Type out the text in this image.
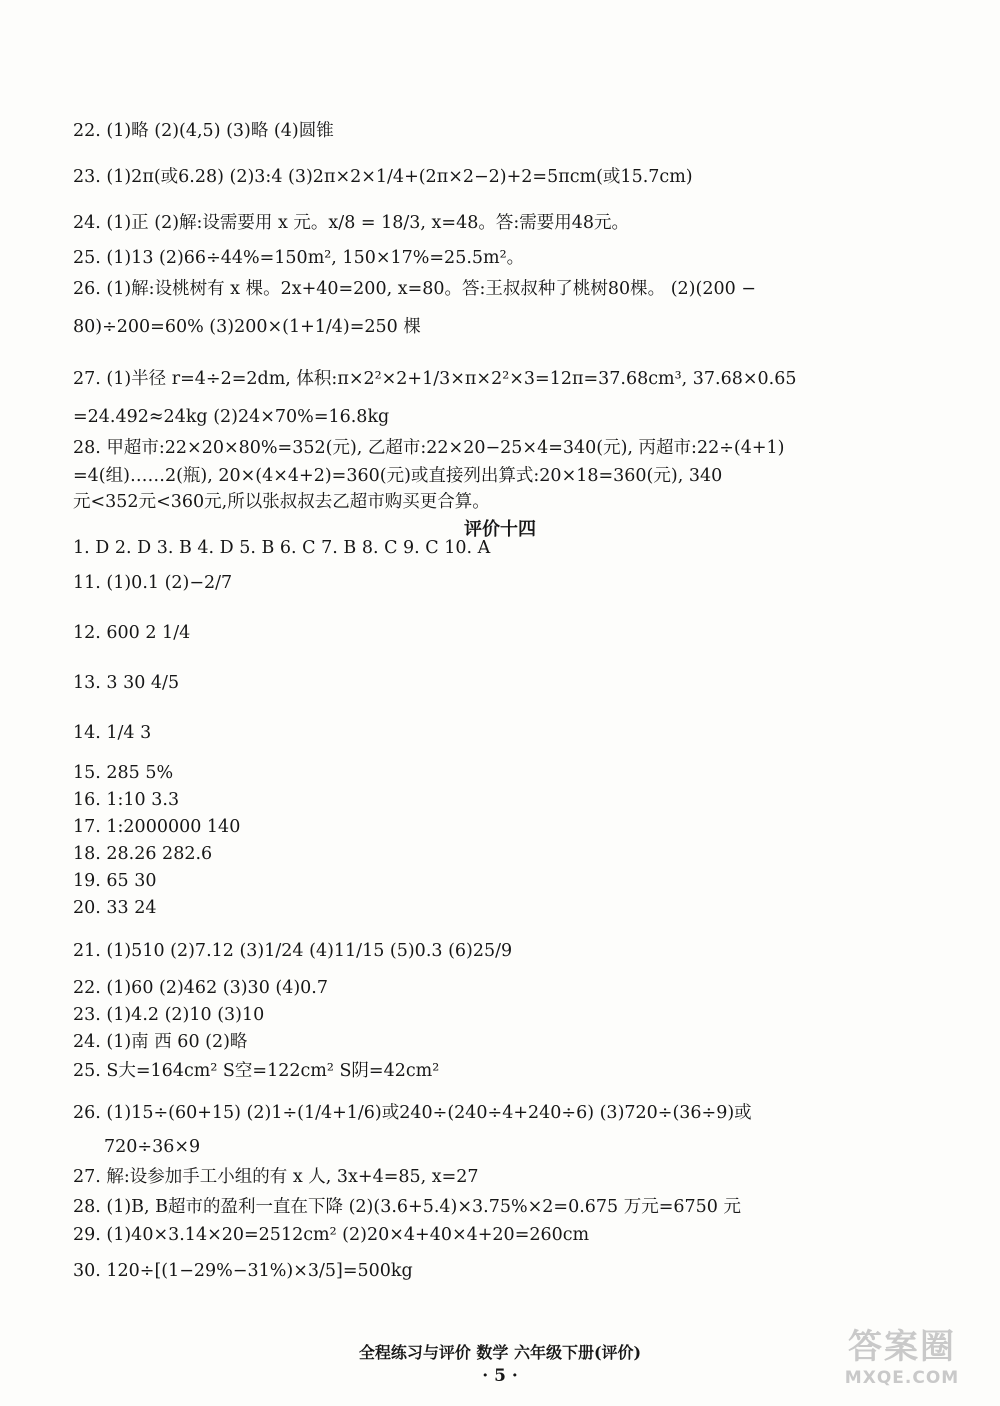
22. (1)略 (2)(4,5) (3)略 (4)圆锥
23. (1)2π(或6.28) (2)3:4 (3)2π×2×1/4+(2π×2−2)+2=5πcm(或15.7cm)
24. (1)正 (2)解:设需要用 x 元。x/8 = 18/3, x=48。答:需要用48元。
25. (1)13 (2)66÷44%=150m², 150×17%=25.5m²。
26. (1)解:设桃树有 x 棵。2x+40=200, x=80。答:王叔叔种了桃树80棵。 (2)(200 −
80)÷200=60% (3)200×(1+1/4)=250 棵
27. (1)半径 r=4÷2=2dm, 体积:π×2²×2+1/3×π×2²×3=12π=37.68cm³, 37.68×0.65
=24.492≈24kg (2)24×70%=16.8kg
28. 甲超市:22×20×80%=352(元), 乙超市:22×20−25×4=340(元), 丙超市:22÷(4+1)
=4(组)……2(瓶), 20×(4×4+2)=360(元)或直接列出算式:20×18=360(元), 340
元<352元<360元,所以张叔叔去乙超市购买更合算。
评价十四
1. D 2. D 3. B 4. D 5. B 6. C 7. B 8. C 9. C 10. A
11. (1)0.1 (2)−2/7
12. 600 2 1/4
13. 3 30 4/5
14. 1/4 3
15. 285 5%
16. 1:10 3.3
17. 1:2000000 140
18. 28.26 282.6
19. 65 30
20. 33 24
21. (1)510 (2)7.12 (3)1/24 (4)11/15 (5)0.3 (6)25/9
22. (1)60 (2)462 (3)30 (4)0.7
23. (1)4.2 (2)10 (3)10
24. (1)南 西 60 (2)略
25. S大=164cm² S空=122cm² S阴=42cm²
26. (1)15÷(60+15) (2)1÷(1/4+1/6)或240÷(240÷4+240÷6) (3)720÷(36÷9)或
720÷36×9
27. 解:设参加手工小组的有 x 人, 3x+4=85, x=27
28. (1)B, B超市的盈利一直在下降 (2)(3.6+5.4)×3.75%×2=0.675 万元=6750 元
29. (1)40×3.14×20=2512cm² (2)20×4+40×4+20=260cm
30. 120÷[(1−29%−31%)×3/5]=500kg
全程练习与评价 数学 六年级下册(评价)
· 5 ·
答案圈
MXQE.COM
